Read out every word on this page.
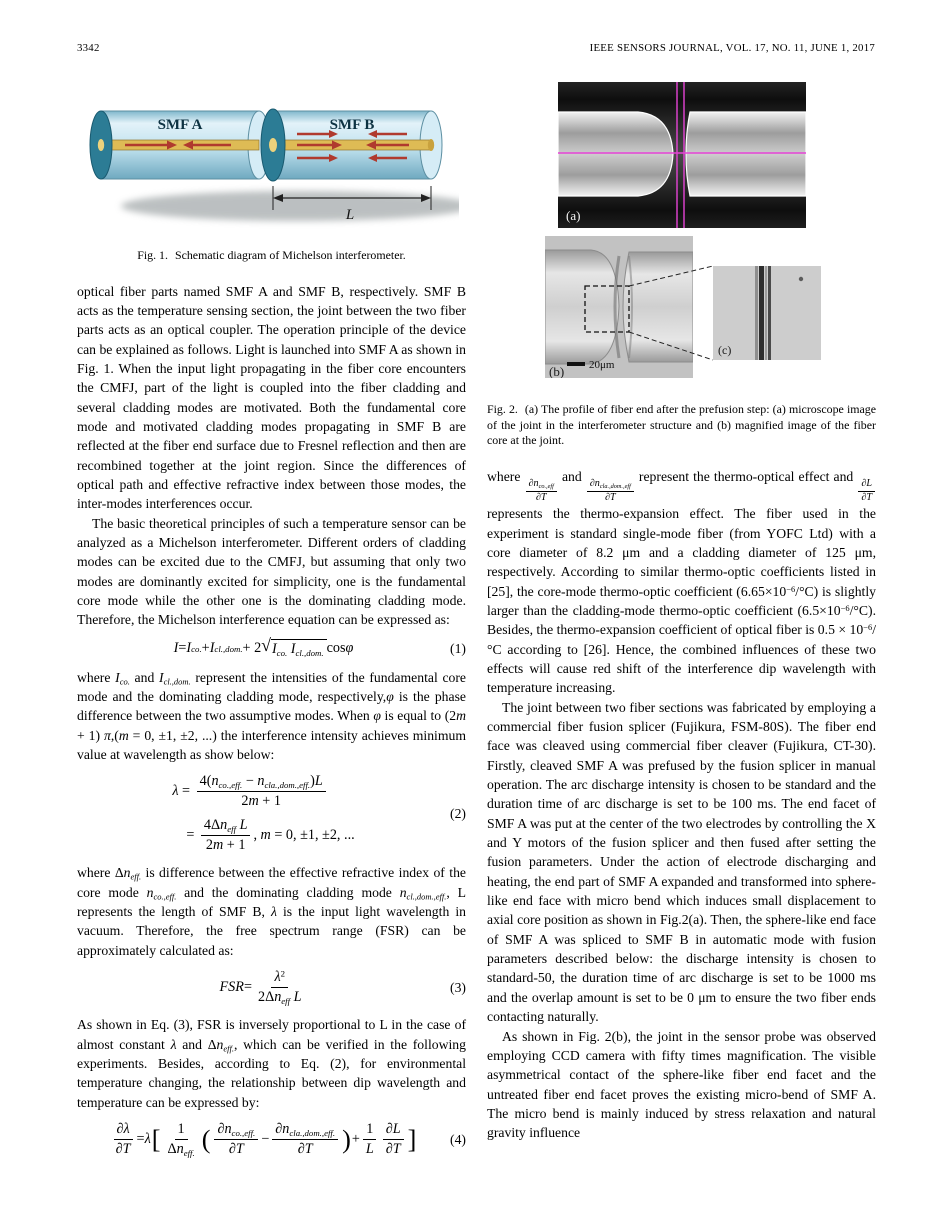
3342	IEEE SENSORS JOURNAL, VOL. 17, NO. 11, JUNE 1, 2017
SMF A	SMF B
L
Fig. 1. Schematic diagram of Michelson interferometer.

optical fiber parts named SMF A and SMF B, respectively. SMF B acts as the temperature sensing section, the joint between the two fiber parts acts as an optical coupler. The operation principle of the device can be explained as follows. Light is launched into SMF A as shown in Fig. 1. When the input light propagating in the fiber core encounters the CMFJ, part of the light is coupled into the fiber cladding and several cladding modes are motivated. Both the fundamental core mode and motivated cladding modes propagating in SMF B are reflected at the fiber end surface due to Fresnel reflection and then are recombined together at the joint region. Since the differences of optical path and effective refractive index between those modes, the inter-modes interferences occur.

The basic theoretical principles of such a temperature sensor can be analyzed as a Michelson interferometer. Different orders of cladding modes can be excited due to the CMFJ, but assuming that only two modes are dominantly excited for simplicity, one is the fundamental core mode while the other one is the dominating cladding mode. Therefore, the Michelson interference equation can be expressed as:

I = I co. + I cl.,dom. + 2 √ $I_{co.}$ $I_{cl.,dom.}$ cos φ	(1)

where $I_{co.}$ and $I_{cl.,dom.}$ represent the intensities of the fundamental core mode and the dominating cladding mode, respectively,φ is the phase difference between the two assumptive modes. When φ is equal to (2m + 1) π,(m = 0, ±1, ±2, ...) the interference intensity achieves minimum value at wavelength as show below:

$\lambda = \frac{4(n_{co.,eff.} - n_{cla.,dom.,eff.})L}{2m + 1}$
= $\frac{4\Delta n_{eff} L}{2m + 1}$ , m = 0, ±1, ±2, ...
(2)

where $\Delta n_{eff.}$ is difference between the effective refractive index of the core mode $n_{co.,eff.}$ and the dominating cladding mode $n_{cl.,dom.,eff.}$, L represents the length of SMF B, λ is the input light wavelength in vacuum. Therefore, the free spectrum range (FSR) can be approximately calculated as:

FSR = $\frac{\lambda^2}{2\Delta n_{eff} L}$	(3)

As shown in Eq. (3), FSR is inversely proportional to L in the case of almost constant λ and $\Delta n_{eff.}$, which can be verified in the following experiments. Besides, according to Eq. (2), for environmental temperature changing, the relationship between dip wavelength and temperature can be expressed by:

$\frac{\partial\lambda}{\partial T} = \lambda$ [ $\frac{1}{\Delta n_{eff.}}$ ( $\frac{\partial n_{co.,eff.}}{\partial T} - \frac{\partial n_{cla.,dom.,eff.}}{\partial T}$ ) + $\frac{1}{L} \frac{\partial L}{\partial T}$ ] (4)
(a)
20μm
(b)
(c)
Fig. 2. (a) The profile of fiber end after the prefusion step: (a) microscope image of the joint in the interferometer structure and (b) magnified image of the fiber core at the joint.

where
$\frac{\partial n_{co.,eff}}{\partial T}$
and
$\frac{\partial n_{cla.,dom.,eff}}{\partial T}$
represent the thermo-optical effect and
$\frac{\partial L}{\partial T}$
represents the thermo-expansion effect. The fiber used in the experiment is standard single-mode fiber (from YOFC Ltd) with a core diameter of 8.2 μm and a cladding diameter of 125 μm, respectively. According to similar thermo-optic coefficients listed in [25], the core-mode thermo-optic coefficient $(6.65\times 10^{-6}/^\circ C)$ is slightly larger than the cladding-mode thermo-optic coefficient $(6.5\times 10^{-6}/^\circ C)$. Besides, the thermo-expansion coefficient of optical fiber is $0.5 \times 10^{-6}/^\circ C$ according to [26]. Hence, the combined influences of these two effects will cause red shift of the interference dip wavelength with temperature increasing.

The joint between two fiber sections was fabricated by employing a commercial fiber fusion splicer (Fujikura, FSM-80S). The fiber end face was cleaved using commercial fiber cleaver (Fujikura, CT-30). Firstly, cleaved SMF A was prefused by the fusion splicer in manual operation. The arc discharge intensity is chosen to be standard and the duration time of arc discharge is set to be 100 ms. The end facet of SMF A was put at the center of the two electrodes by controlling the X and Y motors of the fusion splicer and then fused after setting the fusion parameters. Under the action of electrode discharging and heating, the end part of SMF A expanded and transformed into sphere-like end face with micro bend which induces small displacement to axial core position as shown in Fig.2(a). Then, the sphere-like end face of SMF A was spliced to SMF B in automatic mode with fusion parameters described below: the discharge intensity is chosen to standard-50, the duration time of arc discharge is set to be 1000 ms and the overlap amount is set to be 0 μm to ensure the two fiber ends contacting naturally.

As shown in Fig. 2(b), the joint in the sensor probe was observed employing CCD camera with fifty times magnification. The visible asymmetrical contact of the sphere-like fiber end facet and the untreated fiber end facet proves the existing micro-bend of SMF A. The micro bend is mainly induced by stress relaxation and natural gravity influence
